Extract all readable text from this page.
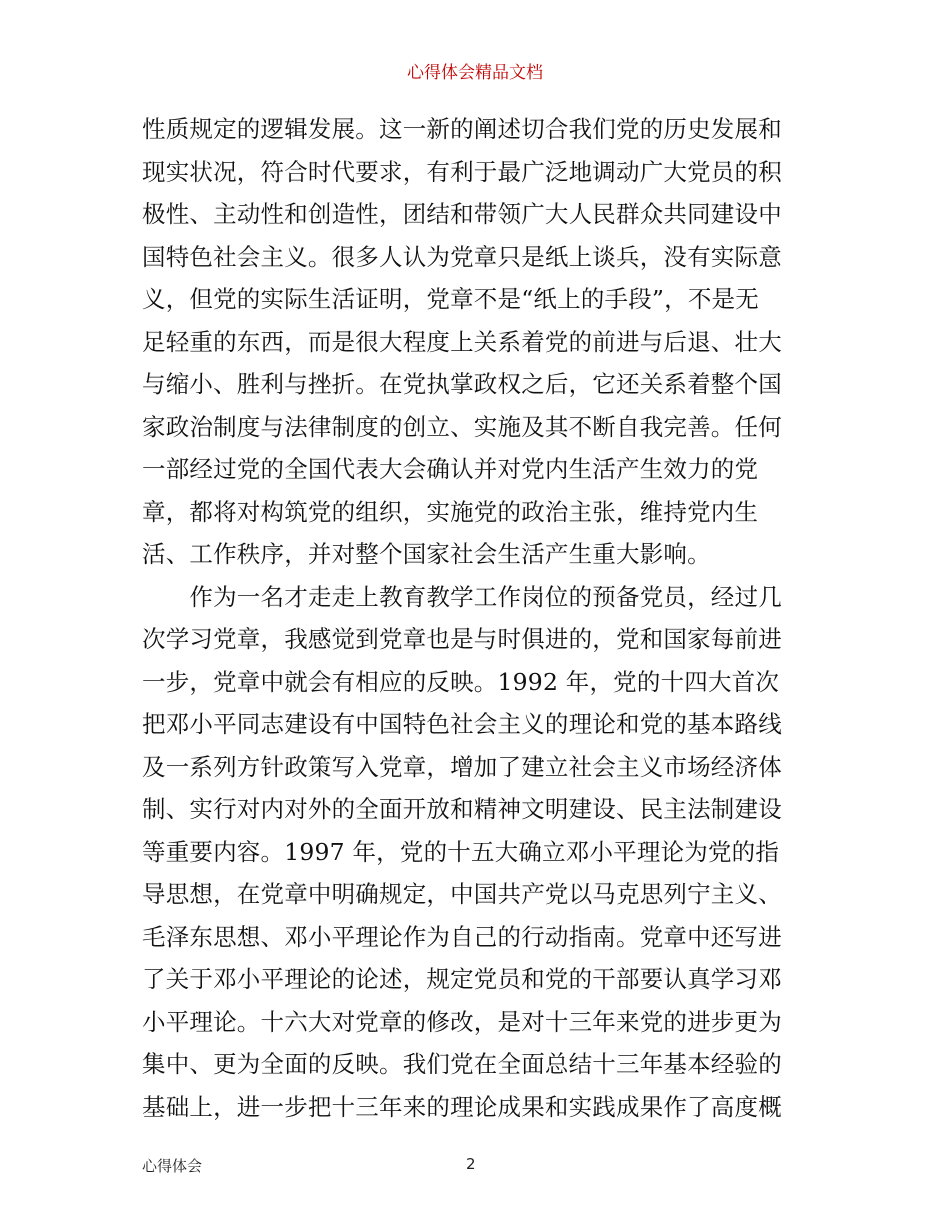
心得体会精品文档
性质规定的逻辑发展。这一新的阐述切合我们党的历史发展和
现实状况，符合时代要求，有利于最广泛地调动广大党员的积
极性、主动性和创造性，团结和带领广大人民群众共同建设中
国特色社会主义。很多人认为党章只是纸上谈兵，没有实际意
义，但党的实际生活证明，党章不是“纸上的手段”，不是无
足轻重的东西，而是很大程度上关系着党的前进与后退、壮大
与缩小、胜利与挫折。在党执掌政权之后，它还关系着整个国
家政治制度与法律制度的创立、实施及其不断自我完善。任何
一部经过党的全国代表大会确认并对党内生活产生效力的党
章，都将对构筑党的组织，实施党的政治主张，维持党内生
活、工作秩序，并对整个国家社会生活产生重大影响。
　　作为一名才走走上教育教学工作岗位的预备党员，经过几
次学习党章，我感觉到党章也是与时俱进的，党和国家每前进
一步，党章中就会有相应的反映。1992 年，党的十四大首次
把邓小平同志建设有中国特色社会主义的理论和党的基本路线
及一系列方针政策写入党章，增加了建立社会主义市场经济体
制、实行对内对外的全面开放和精神文明建设、民主法制建设
等重要内容。1997 年，党的十五大确立邓小平理论为党的指
导思想，在党章中明确规定，中国共产党以马克思列宁主义、
毛泽东思想、邓小平理论作为自己的行动指南。党章中还写进
了关于邓小平理论的论述，规定党员和党的干部要认真学习邓
小平理论。十六大对党章的修改，是对十三年来党的进步更为
集中、更为全面的反映。我们党在全面总结十三年基本经验的
基础上，进一步把十三年来的理论成果和实践成果作了高度概
心得体会	2
